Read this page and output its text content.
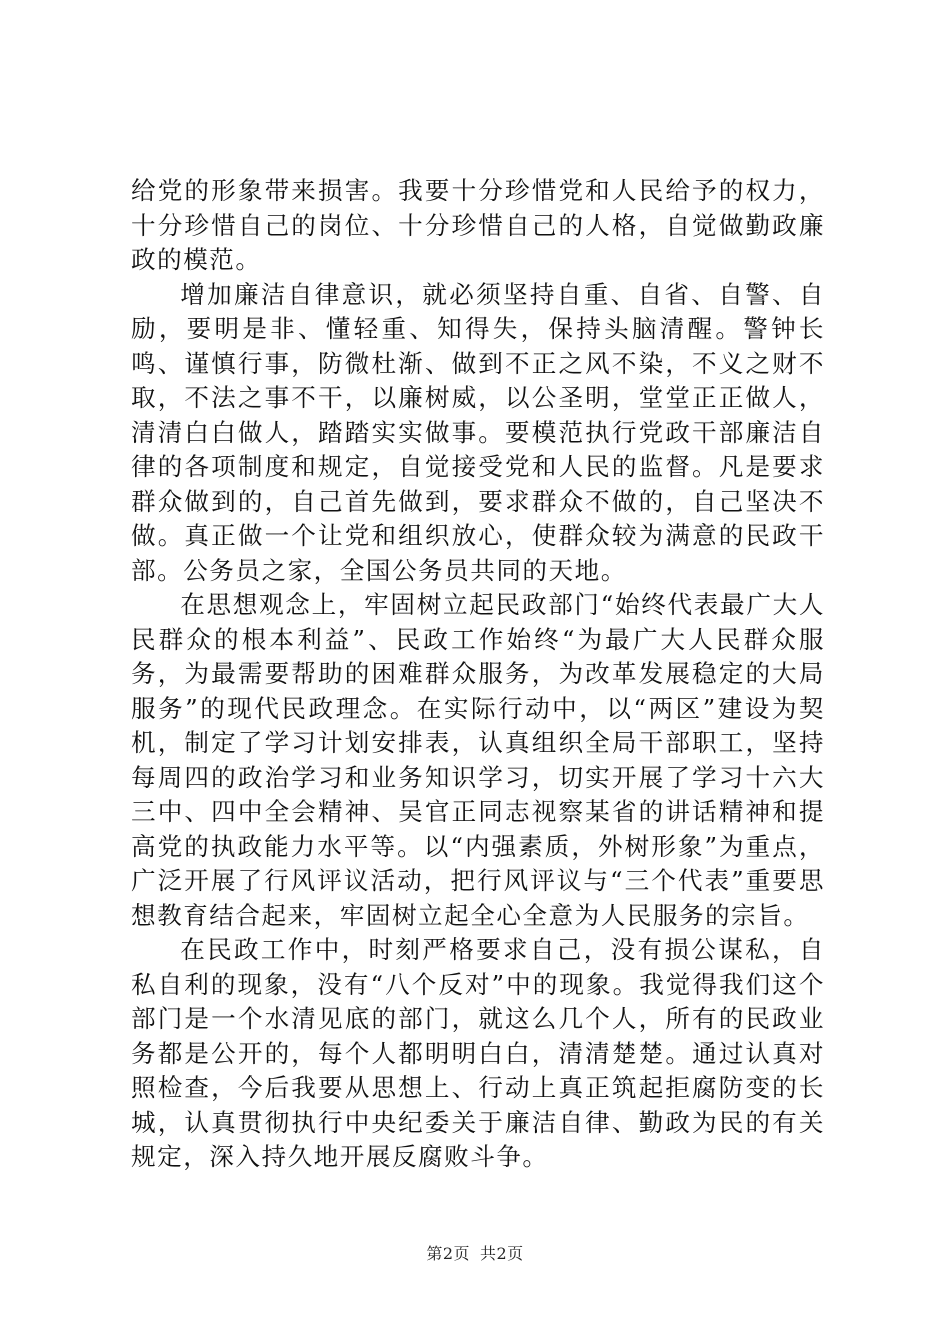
给党的形象带来损害。我要十分珍惜党和人民给予的权力，十分珍惜自己的岗位、十分珍惜自己的人格，自觉做勤政廉政的模范。

增加廉洁自律意识，就必须坚持自重、自省、自警、自励，要明是非、懂轻重、知得失，保持头脑清醒。警钟长鸣、谨慎行事，防微杜渐、做到不正之风不染，不义之财不取，不法之事不干，以廉树威，以公圣明，堂堂正正做人，清清白白做人，踏踏实实做事。要模范执行党政干部廉洁自律的各项制度和规定，自觉接受党和人民的监督。凡是要求群众做到的，自己首先做到，要求群众不做的，自己坚决不做。真正做一个让党和组织放心，使群众较为满意的民政干部。公务员之家，全国公务员共同的天地。

在思想观念上，牢固树立起民政部门“始终代表最广大人民群众的根本利益”、民政工作始终“为最广大人民群众服务，为最需要帮助的困难群众服务，为改革发展稳定的大局服务”的现代民政理念。在实际行动中，以“两区”建设为契机，制定了学习计划安排表，认真组织全局干部职工，坚持每周四的政治学习和业务知识学习，切实开展了学习十六大三中、四中全会精神、吴官正同志视察某省的讲话精神和提高党的执政能力水平等。以“内强素质，外树形象”为重点，广泛开展了行风评议活动，把行风评议与“三个代表”重要思想教育结合起来，牢固树立起全心全意为人民服务的宗旨。

在民政工作中，时刻严格要求自己，没有损公谋私，自私自利的现象，没有“八个反对”中的现象。我觉得我们这个部门是一个水清见底的部门，就这么几个人，所有的民政业务都是公开的，每个人都明明白白，清清楚楚。通过认真对照检查，今后我要从思想上、行动上真正筑起拒腐防变的长城，认真贯彻执行中央纪委关于廉洁自律、勤政为民的有关规定，深入持久地开展反腐败斗争。

第2页 共2页
